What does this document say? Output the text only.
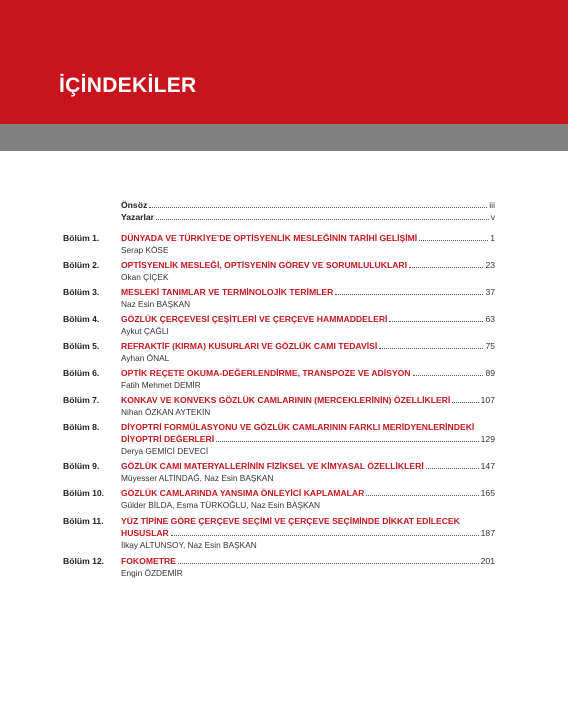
İÇİNDEKİLER
Önsöz	iii
Yazarlar	v
Bölüm 1.	DÜNYADA VE TÜRKİYE’DE OPTİSYENLİK MESLEĞİNİN TARİHİ GELİŞİMİ	1
Serap KÖSE
Bölüm 2.	OPTİSYENLİK MESLEĞİ, OPTİSYENİN GÖREV VE SORUMLULUKLARI	23
Okan ÇİÇEK
Bölüm 3.	MESLEKİ TANIMLAR VE TERMİNOLOJİK TERİMLER	37
Naz Esin BAŞKAN
Bölüm 4.	GÖZLÜK ÇERÇEVESİ ÇEŞİTLERİ VE ÇERÇEVE HAMMADDELERİ	63
Aykut ÇAĞLI
Bölüm 5.	REFRAKTİF (KIRMA) KUSURLARI VE GÖZLÜK CAMI TEDAVİSİ	75
Ayhan ÖNAL
Bölüm 6.	OPTİK REÇETE OKUMA-DEĞERLENDİRME, TRANSPOZE VE ADİSYON	89
Fatih Mehmet DEMİR
Bölüm 7.	KONKAV VE KONVEKS GÖZLÜK CAMLARININ (MERCEKLERİNİN) ÖZELLİKLERİ	107
Nihan ÖZKAN AYTEKİN
Bölüm 8.	DİYOPTRİ FORMÜLASYONU VE GÖZLÜK CAMLARININ FARKLI MERİDYENLERİNDEKİ
DİYOPTRİ DEĞERLERİ	129
Derya GEMİCİ DEVECİ
Bölüm 9.	GÖZLÜK CAMI MATERYALLERİNİN FİZİKSEL VE KİMYASAL ÖZELLİKLERİ	147
Müyesser ALTINDAĞ, Naz Esin BAŞKAN
Bölüm 10. GÖZLÜK CAMLARINDA YANSIMA ÖNLEYİCİ KAPLAMALAR	165
Gülder BİLDA, Esma TÜRKOĞLU, Naz Esin BAŞKAN
Bölüm 11. YÜZ TİPİNE GÖRE ÇERÇEVE SEÇİMİ VE ÇERÇEVE SEÇİMİNDE DİKKAT EDİLECEK
HUSUSLAR	187
İlkay ALTUNSOY, Naz Esin BAŞKAN
Bölüm 12. FOKOMETRE	201
Engin ÖZDEMİR
